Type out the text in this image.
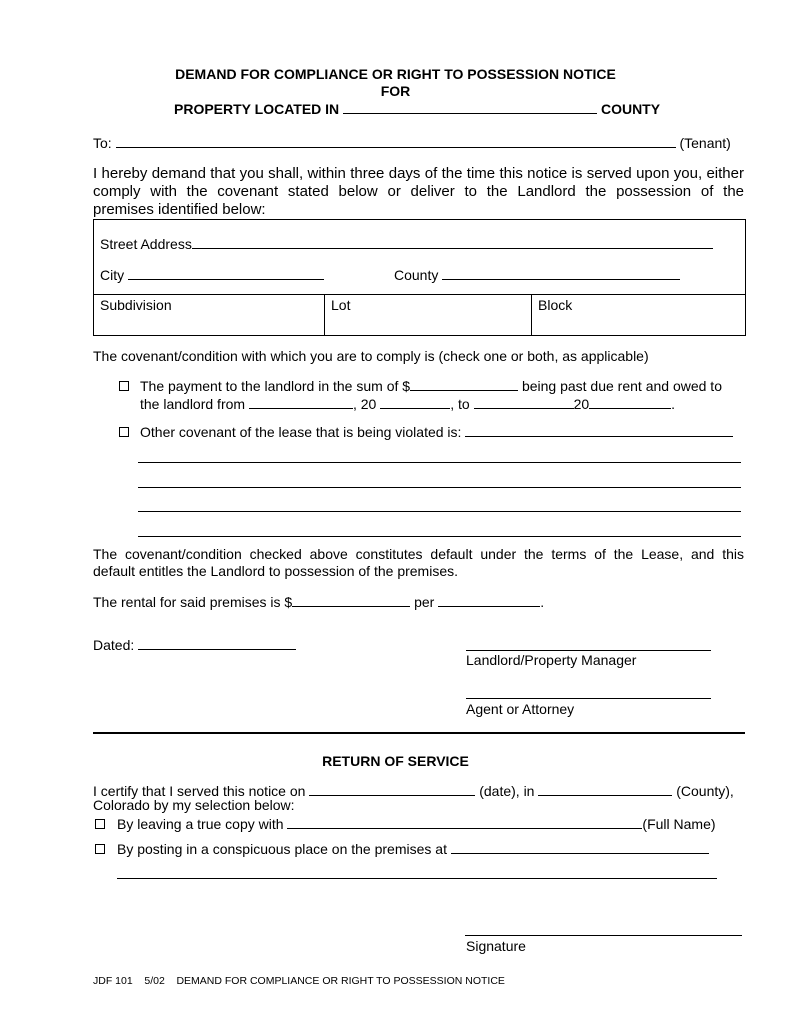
DEMAND FOR COMPLIANCE OR RIGHT TO POSSESSION NOTICE
FOR
PROPERTY LOCATED IN	COUNTY
To:	(Tenant)
I hereby demand that you shall, within three days of the time this notice is served upon you, either comply with the covenant stated below or deliver to the Landlord the possession of the
premises identified below:
Street Address
City	County
Subdivision	Lot	Block
The covenant/condition with which you are to comply is (check one or both, as applicable)
The payment to the landlord in the sum of $	being past due rent and owed to
the landlord from	, 20	, to	20	.
Other covenant of the lease that is being violated is:
The covenant/condition checked above constitutes default under the terms of the Lease, and this
default entitles the Landlord to possession of the premises.
The rental for said premises is $	per	.
Dated:
Landlord/Property Manager
Agent or Attorney
RETURN OF SERVICE
I certify that I served this notice on	(date), in	(County),
Colorado by my selection below:
By leaving a true copy with	(Full Name)
By posting in a conspicuous place on the premises at
Signature
JDF 101 5/02 DEMAND FOR COMPLIANCE OR RIGHT TO POSSESSION NOTICE
